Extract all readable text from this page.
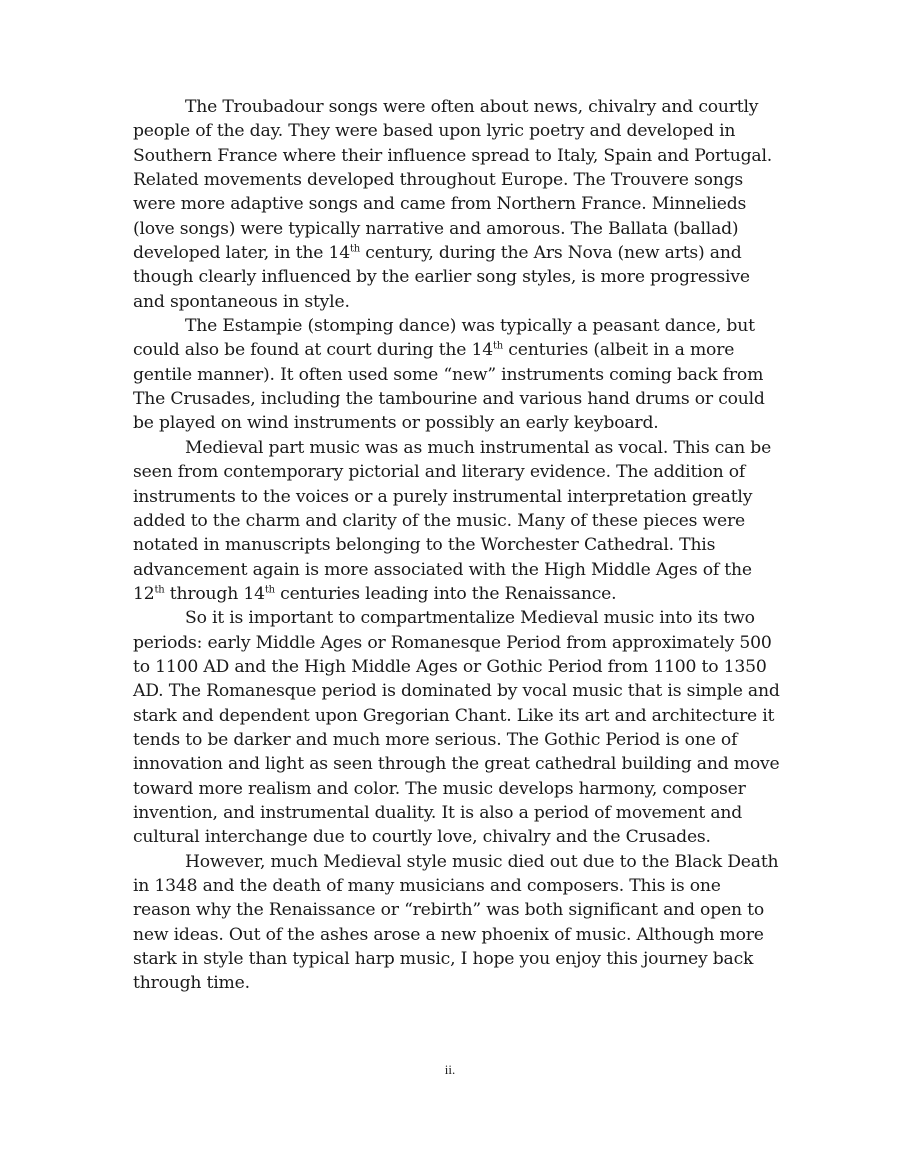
The Troubadour songs were often about news, chivalry and courtly people of the day. They were based upon lyric poetry and developed in Southern France where their influence spread to Italy, Spain and Portugal. Related movements developed throughout Europe. The Trouvere songs were more adaptive songs and came from Northern France. Minnelieds (love songs) were typically narrative and amorous. The Ballata (ballad) developed later, in the 14th century, during the Ars Nova (new arts) and though clearly influenced by the earlier song styles, is more progressive and spontaneous in style.

The Estampie (stomping dance) was typically a peasant dance, but could also be found at court during the 14th centuries (albeit in a more gentile manner). It often used some “new” instruments coming back from The Crusades, including the tambourine and various hand drums or could be played on wind instruments or possibly an early keyboard.

Medieval part music was as much instrumental as vocal. This can be seen from contemporary pictorial and literary evidence. The addition of instruments to the voices or a purely instrumental interpretation greatly added to the charm and clarity of the music. Many of these pieces were notated in manuscripts belonging to the Worchester Cathedral. This advancement again is more associated with the High Middle Ages of the 12th through 14th centuries leading into the Renaissance.

So it is important to compartmentalize Medieval music into its two periods: early Middle Ages or Romanesque Period from approximately 500 to 1100 AD and the High Middle Ages or Gothic Period from 1100 to 1350 AD. The Romanesque period is dominated by vocal music that is simple and stark and dependent upon Gregorian Chant. Like its art and architecture it tends to be darker and much more serious. The Gothic Period is one of innovation and light as seen through the great cathedral building and move toward more realism and color. The music develops harmony, composer invention, and instrumental duality. It is also a period of movement and cultural interchange due to courtly love, chivalry and the Crusades.

However, much Medieval style music died out due to the Black Death in 1348 and the death of many musicians and composers. This is one reason why the Renaissance or “rebirth” was both significant and open to new ideas. Out of the ashes arose a new phoenix of music. Although more stark in style than typical harp music, I hope you enjoy this journey back through time.

ii.
